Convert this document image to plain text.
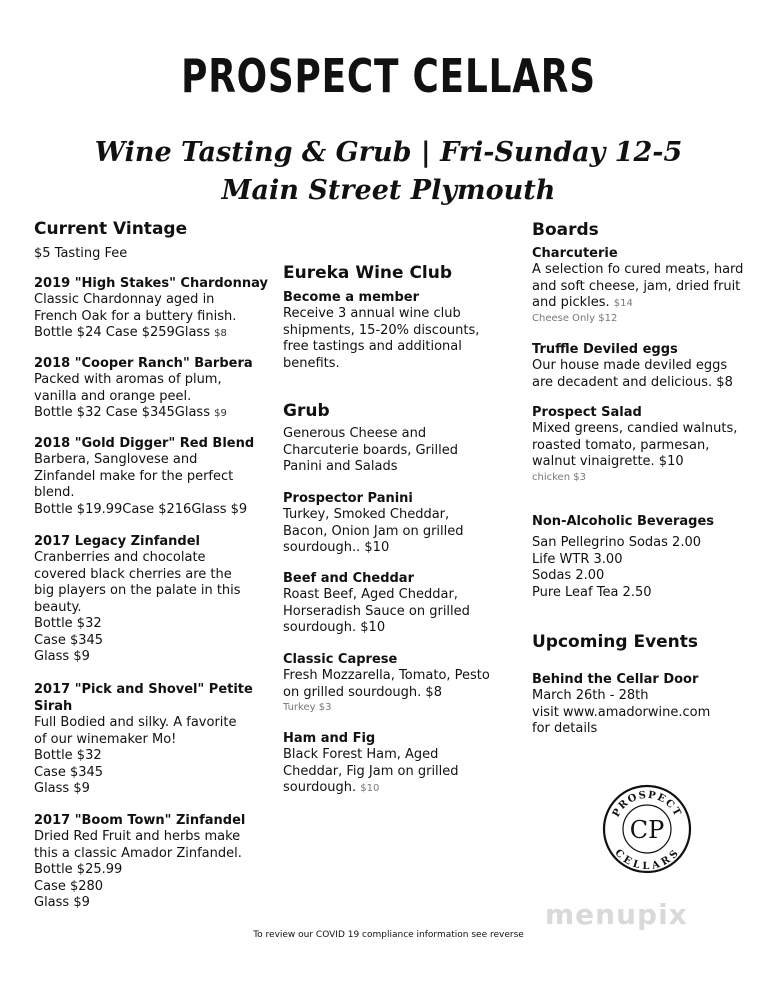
PROSPECT CELLARS
Wine Tasting & Grub | Fri-Sunday 12-5
Main Street Plymouth
Current Vintage
$5 Tasting Fee
2019 "High Stakes" Chardonnay
Classic Chardonnay aged in
French Oak for a buttery finish.
Bottle $24 Case $259Glass $8
2018 "Cooper Ranch" Barbera
Packed with aromas of plum,
vanilla and orange peel.
Bottle $32 Case $345Glass $9
2018 "Gold Digger" Red Blend
Barbera, Sanglovese and
Zinfandel make for the perfect
blend.
Bottle $19.99Case $216Glass $9
2017 Legacy Zinfandel
Cranberries and chocolate
covered black cherries are the
big players on the palate in this
beauty.
Bottle $32
Case $345
Glass $9
2017 "Pick and Shovel" Petite
Sirah
Full Bodied and silky. A favorite
of our winemaker Mo!
Bottle $32
Case $345
Glass $9
2017 "Boom Town" Zinfandel
Dried Red Fruit and herbs make
this a classic Amador Zinfandel.
Bottle $25.99
Case $280
Glass $9
Eureka Wine Club
Become a member
Receive 3 annual wine club
shipments, 15-20% discounts,
free tastings and additional
benefits.
Grub
Generous Cheese and
Charcuterie boards, Grilled
Panini and Salads
Prospector Panini
Turkey, Smoked Cheddar,
Bacon, Onion Jam on grilled
sourdough.. $10
Beef and Cheddar
Roast Beef, Aged Cheddar,
Horseradish Sauce on grilled
sourdough. $10
Classic Caprese
Fresh Mozzarella, Tomato, Pesto
on grilled sourdough. $8
Turkey $3
Ham and Fig
Black Forest Ham, Aged
Cheddar, Fig Jam on grilled
sourdough. $10
Boards
Charcuterie
A selection fo cured meats, hard
and soft cheese, jam, dried fruit
and pickles. $14
Cheese Only $12
Truffle Deviled eggs
Our house made deviled eggs
are decadent and delicious. $8
Prospect Salad
Mixed greens, candied walnuts,
roasted tomato, parmesan,
walnut vinaigrette. $10
chicken $3
Non-Alcoholic Beverages
San Pellegrino Sodas 2.00
Life WTR 3.00
Sodas 2.00
Pure Leaf Tea 2.50
Upcoming Events
Behind the Cellar Door
March 26th - 28th
visit www.amadorwine.com
for details
PROSPECT
CELLARS
CP
menupix
To review our COVID 19 compliance information see reverse
